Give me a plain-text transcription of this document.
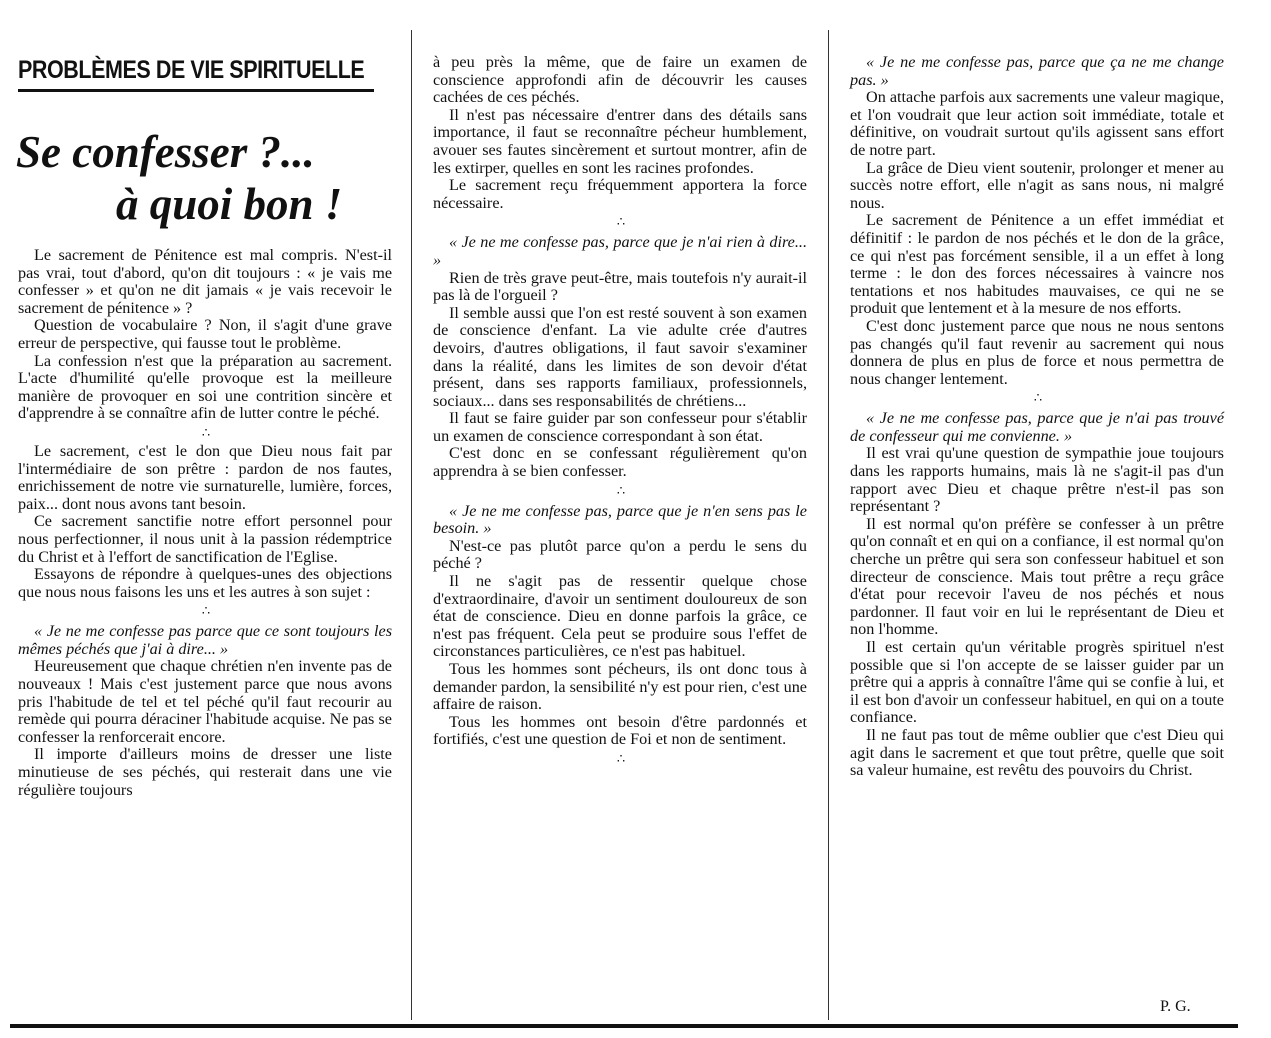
PROBLÈMES DE VIE SPIRITUELLE
Se confesser ?...
à quoi bon !

Le sacrement de Pénitence est mal compris. N'est-il pas vrai, tout d'abord, qu'on dit toujours : « je vais me confesser » et qu'on ne dit jamais « je vais recevoir le sacrement de pénitence » ?

Question de vocabulaire ? Non, il s'agit d'une grave erreur de perspective, qui fausse tout le problème.

La confession n'est que la préparation au sacrement. L'acte d'humilité qu'elle provoque est la meilleure manière de provoquer en soi une contrition sincère et d'apprendre à se connaître afin de lutter contre le péché.

∴

Le sacrement, c'est le don que Dieu nous fait par l'intermédiaire de son prêtre : pardon de nos fautes, enrichissement de notre vie surnaturelle, lumière, forces, paix... dont nous avons tant besoin.

Ce sacrement sanctifie notre effort personnel pour nous perfectionner, il nous unit à la passion rédemptrice du Christ et à l'effort de sanctification de l'Eglise.

Essayons de répondre à quelques-unes des objections que nous nous faisons les uns et les autres à son sujet :

∴

« Je ne me confesse pas parce que ce sont toujours les mêmes péchés que j'ai à dire... »

Heureusement que chaque chrétien n'en invente pas de nouveaux ! Mais c'est justement parce que nous avons pris l'habitude de tel et tel péché qu'il faut recourir au remède qui pourra déraciner l'habitude acquise. Ne pas se confesser la renforcerait encore.

Il importe d'ailleurs moins de dresser une liste minutieuse de ses péchés, qui resterait dans une vie régulière toujours

à peu près la même, que de faire un examen de conscience approfondi afin de découvrir les causes cachées de ces péchés.

Il n'est pas nécessaire d'entrer dans des détails sans importance, il faut se reconnaître pécheur humblement, avouer ses fautes sincèrement et surtout montrer, afin de les extirper, quelles en sont les racines profondes.

Le sacrement reçu fréquemment apportera la force nécessaire.

∴

« Je ne me confesse pas, parce que je n'ai rien à dire... »

Rien de très grave peut-être, mais toutefois n'y aurait-il pas là de l'orgueil ?

Il semble aussi que l'on est resté souvent à son examen de conscience d'enfant. La vie adulte crée d'autres devoirs, d'autres obligations, il faut savoir s'examiner dans la réalité, dans les limites de son devoir d'état présent, dans ses rapports familiaux, professionnels, sociaux... dans ses responsabilités de chrétiens...

Il faut se faire guider par son confesseur pour s'établir un examen de conscience correspondant à son état.

C'est donc en se confessant régulièrement qu'on apprendra à se bien confesser.

∴

« Je ne me confesse pas, parce que je n'en sens pas le besoin. »

N'est-ce pas plutôt parce qu'on a perdu le sens du péché ?

Il ne s'agit pas de ressentir quelque chose d'extraordinaire, d'avoir un sentiment douloureux de son état de conscience. Dieu en donne parfois la grâce, ce n'est pas fréquent. Cela peut se produire sous l'effet de circonstances particulières, ce n'est pas habituel.

Tous les hommes sont pécheurs, ils ont donc tous à demander pardon, la sensibilité n'y est pour rien, c'est une affaire de raison.

Tous les hommes ont besoin d'être pardonnés et fortifiés, c'est une question de Foi et non de sentiment.

∴

« Je ne me confesse pas, parce que ça ne me change pas. »

On attache parfois aux sacrements une valeur magique, et l'on voudrait que leur action soit immédiate, totale et définitive, on voudrait surtout qu'ils agissent sans effort de notre part.

La grâce de Dieu vient soutenir, prolonger et mener au succès notre effort, elle n'agit as sans nous, ni malgré nous.

Le sacrement de Pénitence a un effet immédiat et définitif : le pardon de nos péchés et le don de la grâce, ce qui n'est pas forcément sensible, il a un effet à long terme : le don des forces nécessaires à vaincre nos tentations et nos habitudes mauvaises, ce qui ne se produit que lentement et à la mesure de nos efforts.

C'est donc justement parce que nous ne nous sentons pas changés qu'il faut revenir au sacrement qui nous donnera de plus en plus de force et nous permettra de nous changer lentement.

∴

« Je ne me confesse pas, parce que je n'ai pas trouvé de confesseur qui me convienne. »

Il est vrai qu'une question de sympathie joue toujours dans les rapports humains, mais là ne s'agit-il pas d'un rapport avec Dieu et chaque prêtre n'est-il pas son représentant ?

Il est normal qu'on préfère se confesser à un prêtre qu'on connaît et en qui on a confiance, il est normal qu'on cherche un prêtre qui sera son confesseur habituel et son directeur de conscience. Mais tout prêtre a reçu grâce d'état pour recevoir l'aveu de nos péchés et nous pardonner. Il faut voir en lui le représentant de Dieu et non l'homme.

Il est certain qu'un véritable progrès spirituel n'est possible que si l'on accepte de se laisser guider par un prêtre qui a appris à connaître l'âme qui se confie à lui, et il est bon d'avoir un confesseur habituel, en qui on a toute confiance.

Il ne faut pas tout de même oublier que c'est Dieu qui agit dans le sacrement et que tout prêtre, quelle que soit sa valeur humaine, est revêtu des pouvoirs du Christ.

P. G.
